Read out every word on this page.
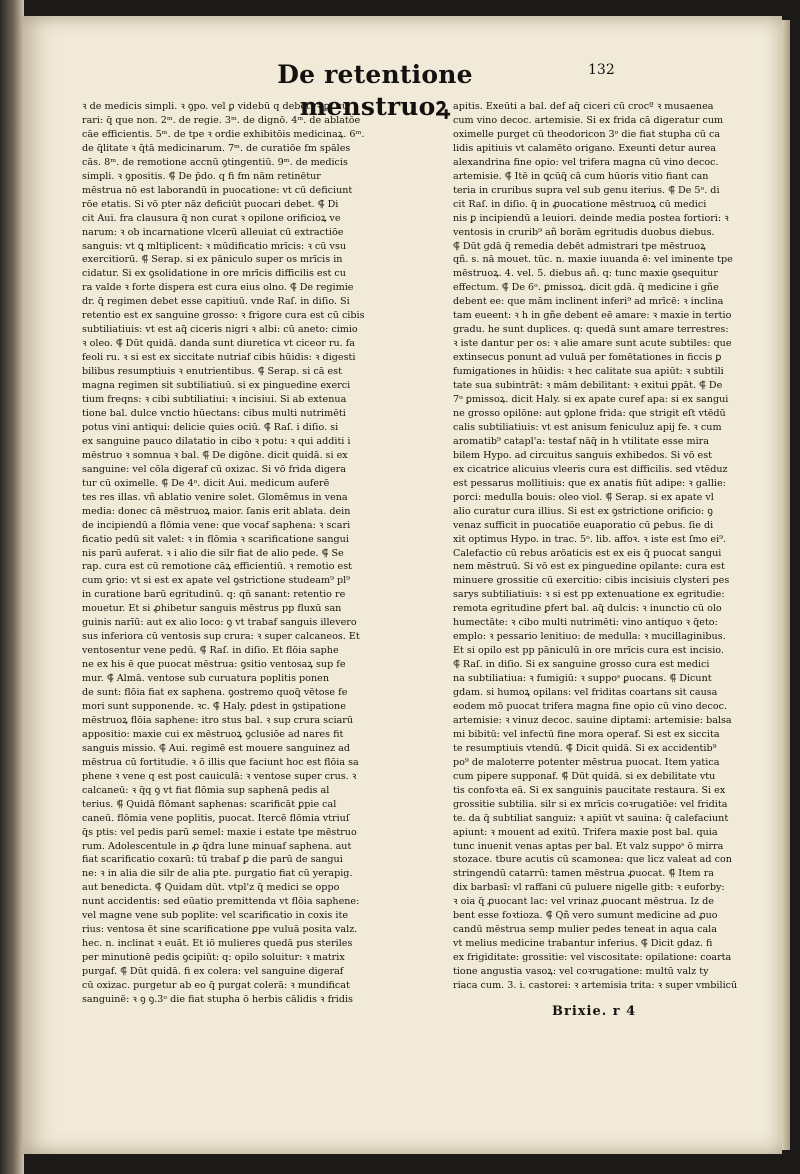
De retentione menstruoꝝ
132
ꝛ de medicis simpli. ꝛ ꝯpo. vel ꝑ videbū q debet: ꝛ ꝑt cu
rari: q̃ que non. 2ᵐ. de regie. 3ᵐ. de dignō. 4ᵐ. de ablatōe
cāe efficientis. 5ᵐ. de tpe ꝛ ordie exhibitōis medicinaꝝ. 6ᵐ.
de q̃litate ꝛ q̄tā medicinarum. 7ᵐ. de curatiōe fm spāles
cās. 8ᵐ. de remotione accnū ꝯtingentiū. 9ᵐ. de medicis
simpli. ꝛ ꝯpositis. ⸿ De p̄do. q fi fm nām retinētur
mēstrua nō est laborandū in puocatione: vt cū deficiunt
rōe etatis. Si vō pter nāz deficiūt puocari debet. ⸿ Di
cit Aui. fra clausura q̃ non curat ꝛ opilone orificioꝝ ve
narum: ꝛ ob incarnatione vlcerū alleuiat cū extractiōe
sanguis: vt ꝗ mltiplicent: ꝛ mūdificatio mrīcis: ꝛ cū vsu
exercitiorū. ⸿ Serap. si ex pāniculo super os mrīcis in
cidatur. Si ex ꝯsolidatione in ore mrīcis difficilis est cu
ra valde ꝛ forte dispera est cura eius olno. ⸿ De regimie
dr. q̃ regimen debet esse capitiuū. vnde Raſ. in diſio. Si
retentio est ex sanguine grosso: ꝛ frigore cura est cū cibis
subtiliatiuis: vt est aq̃ ciceris nigri ꝛ albi: cū aneto: cimio
ꝛ oleo. ⸿ Dūt quidā. danda sunt diuretica vt ciceor ru. fa
feoli ru. ꝛ si est ex siccitate nutriaf cibis hūidis: ꝛ digesti
bilibus resumptiuis ꝛ enutrientibus. ⸿ Serap. si cā est
magna regimen sit subtiliatiuū. si ex pinguedine exerci
tium freqns: ꝛ cibi subtiliatiui: ꝛ incisiui. Si ab extenua
tione bal. dulce vnctio hūectans: cibus multi nutrimēti
potus vini antiqui: delicie quies ociū. ⸿ Raſ. i diſio. si
ex sanguine pauco dilatatio in cibo ꝛ potu: ꝛ qui additi i
mēstruo ꝛ somnua ꝛ bal. ⸿ De digōne. dicit quidā. si ex
sanguine: vel cōla digeraf cū oxizac. Si vō frida digera
tur cū oximelle. ⸿ De 4ᵒ. dicit Aui. medicum auferē
tes res illas. vñ ablatio venire solet. Glomēmus in vena
media: donec cā mēstruoꝝ maior. ſanis erit ablata. dein
de incipiendū a flōmia vene: que vocaf saphena: ꝛ scari
ficatio pedū sit valet: ꝛ in flōmia ꝛ scarificatione sangui
nis parū auferat. ꝛ i alio die silr fiat de alio pede. ⸿ Se
rap. cura est cū remotione cāꝝ efficientiū. ꝛ remotio est
cum ꝯrio: vt si est ex apate vel ꝯstrictione studeam⁹ pl⁹
in curatione barū egritudinū. q: qn̄ sanant: retentio re
mouetur. Et si ꝓhibetur sanguis mēstrus pp fluxū san
guinis narīū: aut ex alio loco: ꝯ vt trabaf sanguis illevero
sus inferiora cū ventosis sup crura: ꝛ super calcaneos. Et
ventosentur vene pedū. ⸿ Raſ. in diſio. Et flōia saphe
ne ex his ē que puocat mēstrua: ꝯsitio ventosaꝝ sup fe
mur. ⸿ Almā. ventose sub curuatura poplitis ponen
de sunt: flōia fiat ex saphena. ꝯostremo quoq̃ vētose fe
mori sunt supponende. ꝛc. ⸿ Haly. ꝑdest in ꝯstipatione
mēstruoꝝ flōia saphene: itro stus bal. ꝛ sup crura sciarū
appositio: maxie cui ex mēstruoꝝ ꝯclusiōe ad nares fit
sanguis missio. ⸿ Aui. regimē est mouere sanguinez ad
mēstrua cū fortitudie. ꝛ ō illis que faciunt hoc est flōia sa
phene ꝛ vene q est post cauiculā: ꝛ ventose super crus. ꝛ
calcaneū: ꝛ q̃q ꝯ vt fiat flōmia sup saphenā pedis al
terius. ⸿ Quidā flōmant saphenas: scarificāt ꝑpie cal
caneū. flōmia vene poplitis, puocat. Itercē flōmia vtriuſ
q̃s ptis: vel pedis parū semel: maxie i estate tpe mēstruo
rum. Adolescentule in ꝓ q̃dra lune minuaf saphena. aut
fiat scarificatio coxarū: tū trabaf ꝑ die parū de sangui
ne: ꝛ in alia die silr de alia pte. purgatio fiat cū yerapig.
aut benedicta. ⸿ Quidam dūt. vtpl'z q̃ medici se oppo
nunt accidentis: sed eūatio premittenda vt flōia saphene:
vel magne vene sub poplite: vel scarificatio in coxis ite
rius: ventosa ēt sine scarificatione ꝑpe vuluā posita valz.
hec. n. inclinat ꝛ euāt. Et iō mulieres quedā pus steriles
per minutionē pedis ꝯcipiūt: q: opilo soluitur: ꝛ matrix
purgaf. ⸿ Dūt quidā. fi ex colera: vel sanguine digeraf
cū oxizac. purgetur ab eo q̃ purgat colerā: ꝛ mundificat
sanguinē: ꝛ ꝯ ꝯ.3ᵒ die fiat stupha ō herbis cālidis ꝛ fridis
apitis. Exeūti a bal. def aq̃ ciceri cū crocº ꝛ musaenea
cum vino decoc. artemisie. Si ex frida cā digeratur cum
oximelle purget cū theodoricon 3ᵒ die fiat stupha cū ca
lidis apitiuis vt calamēto origano. Exeunti detur aurea
alexandrina fine opio: vel trifera magna cū vino decoc.
artemisie. ⸿ Itē in ꝗcūq̃ cā cum hūoris vitio fiant can
teria in cruribus supra vel sub genu iterius. ⸿ De 5ᵒ. di
cit Raſ. in diſio. q̃ in ꝓuocatione mēstruoꝝ cū medici
nis ꝑ incipiendū a leuiori. deinde media postea fortiori: ꝛ
ventosis in crurib⁹ añ borām egritudis duobus diebus.
⸿ Dūt gdā q̃ remedia debēt admistrari tpe mēstruoꝝ
qñ. s. nā mouet. tūc. n. maxie iuuanda ē: vel iminente tpe
mēstruoꝝ. 4. vel. 5. diebus añ. q: tunc maxie ꝯsequitur
effectum. ⸿ De 6ᵒ. ꝑmissoꝝ. dicit gdā. q̃ medicine i gñe
debent ee: que mām inclinent inferi⁹ ad mrīcē: ꝛ inclina
tam eueent: ꝛ h in gñe debent eē amare: ꝛ maxie in tertio
gradu. he sunt duplices. q: quedā sunt amare terrestres:
ꝛ iste dantur per os: ꝛ alie amare sunt acute subtiles: que
extinsecus ponunt ad vuluā per fomētationes in ficcis ꝑ
fumigationes in hūidis: ꝛ hec calitate sua apiūt: ꝛ subtili
tate sua subintrāt: ꝛ mām debilitant: ꝛ exitui ꝑpāt. ⸿ De
7ᵒ ꝑmissoꝝ. dicit Haly. si ex apate curef apa: si ex sangui
ne grosso opilōne: aut ꝯplone frida: que strigit eſt vtēdū
calis subtiliatiuis: vt est anisum feniculuz apij fe. ꝛ cum
aromatib⁹ catapl'a: testaf nāq̃ in h vtilitate esse mira
bilem Hypo. ad circuitus sanguis exhibedos. Si vō est
ex cicatrice alicuius vleeris cura est difficilis. sed vtēduz
est pessarus mollitiuis: que ex anatis fiūt adipe: ꝛ gallie:
porci: medulla bouis: oleo viol. ⸿ Serap. si ex apate vl
alio curatur cura illius. Si est ex ꝯstrictione orificio: ꝯ
venaz sufficit in puocatiōe euaporatio cū ꝑebus. ſie di
xit optimus Hypo. in trac. 5ᵒ. lib. affoꝛ. ꝛ iste est ſmo ei⁹.
Calefactio cū rebus arōaticis est ex eis q̃ puocat sangui
nem mēstruū. Si vō est ex pinguedine opilante: cura est
minuere grossitie cū exercitio: cibis incisiuis clysteri pes
sarys subtiliatiuis: ꝛ si est pp extenuatione ex egritudie:
remota egritudine ꝑfert bal. aq̃ dulcis: ꝛ inunctio cū olo
humectāte: ꝛ cibo multi nutrimēti: vino antiquo ꝛ q̃eto:
emplo: ꝛ pessario lenitiuo: de medulla: ꝛ mucillaginibus.
Et si opilo est pp pāniculū in ore mrīcis cura est incisio.
⸿ Raſ. in diſio. Si ex sanguine grosso cura est medici
na subtiliatiua: ꝛ fumigiū: ꝛ suppoˢ ꝑuocans. ⸿ Dicunt
gdam. si humoꝝ opilans: vel friditas coartans sit causa
eodem mō puocat trifera magna fine opio cū vino decoc.
artemisie: ꝛ vinuz decoc. sauine diptami: artemisie: balsa
mi bibitū: vel infectū fine mora operaf. Si est ex siccita
te resumptiuis vtendū. ⸿ Dicit quidā. Si ex accidentib⁹
po⁹ de maloterre potenter mēstrua puocat. Item yatica
cum pipere supponaf. ⸿ Dūt quidā. si ex debilitate vtu
tis confoꝛta eā. Si ex sanguinis paucitate restaura. Si ex
grossitie subtilia. silr si ex mrīcis coꝛrugatiōe: vel fridita
te. da q̃ subtiliat sanguiz: ꝛ apiūt vt sauina: q̃ calefaciunt
apiunt: ꝛ mouent ad exitū. Trifera maxie post bal. quia
tunc inuenit venas aptas per bal. Et valz suppoˢ ō mirra
stozace. tbure acutis cū scamonea: que licz valeat ad con
stringendū catarrū: tamen mēstrua ꝓuocat. ⸿ Item ra
dix barbasī: vl raffani cū puluere nigelle gitb: ꝛ euforby:
ꝛ oia q̃ ꝓuocant lac: vel vrinaz ꝓuocant mēstrua. Iz de
bent esse foꝛtioza. ⸿ Qñ vero sumunt medicine ad ꝓuo
candū mēstrua semp mulier pedes teneat in aqua cala
vt melius medicine trabantur inferius. ⸿ Dicit gdaz. fi
ex frigiditate: grossitie: vel viscositate: opilatione: coarta
tione angustia vasoꝝ: vel coꝛrugatione: multū valz ty
riaca cum. 3. i. castorei: ꝛ artemisia trita: ꝛ super vmbilicū
Brixie. r 4
